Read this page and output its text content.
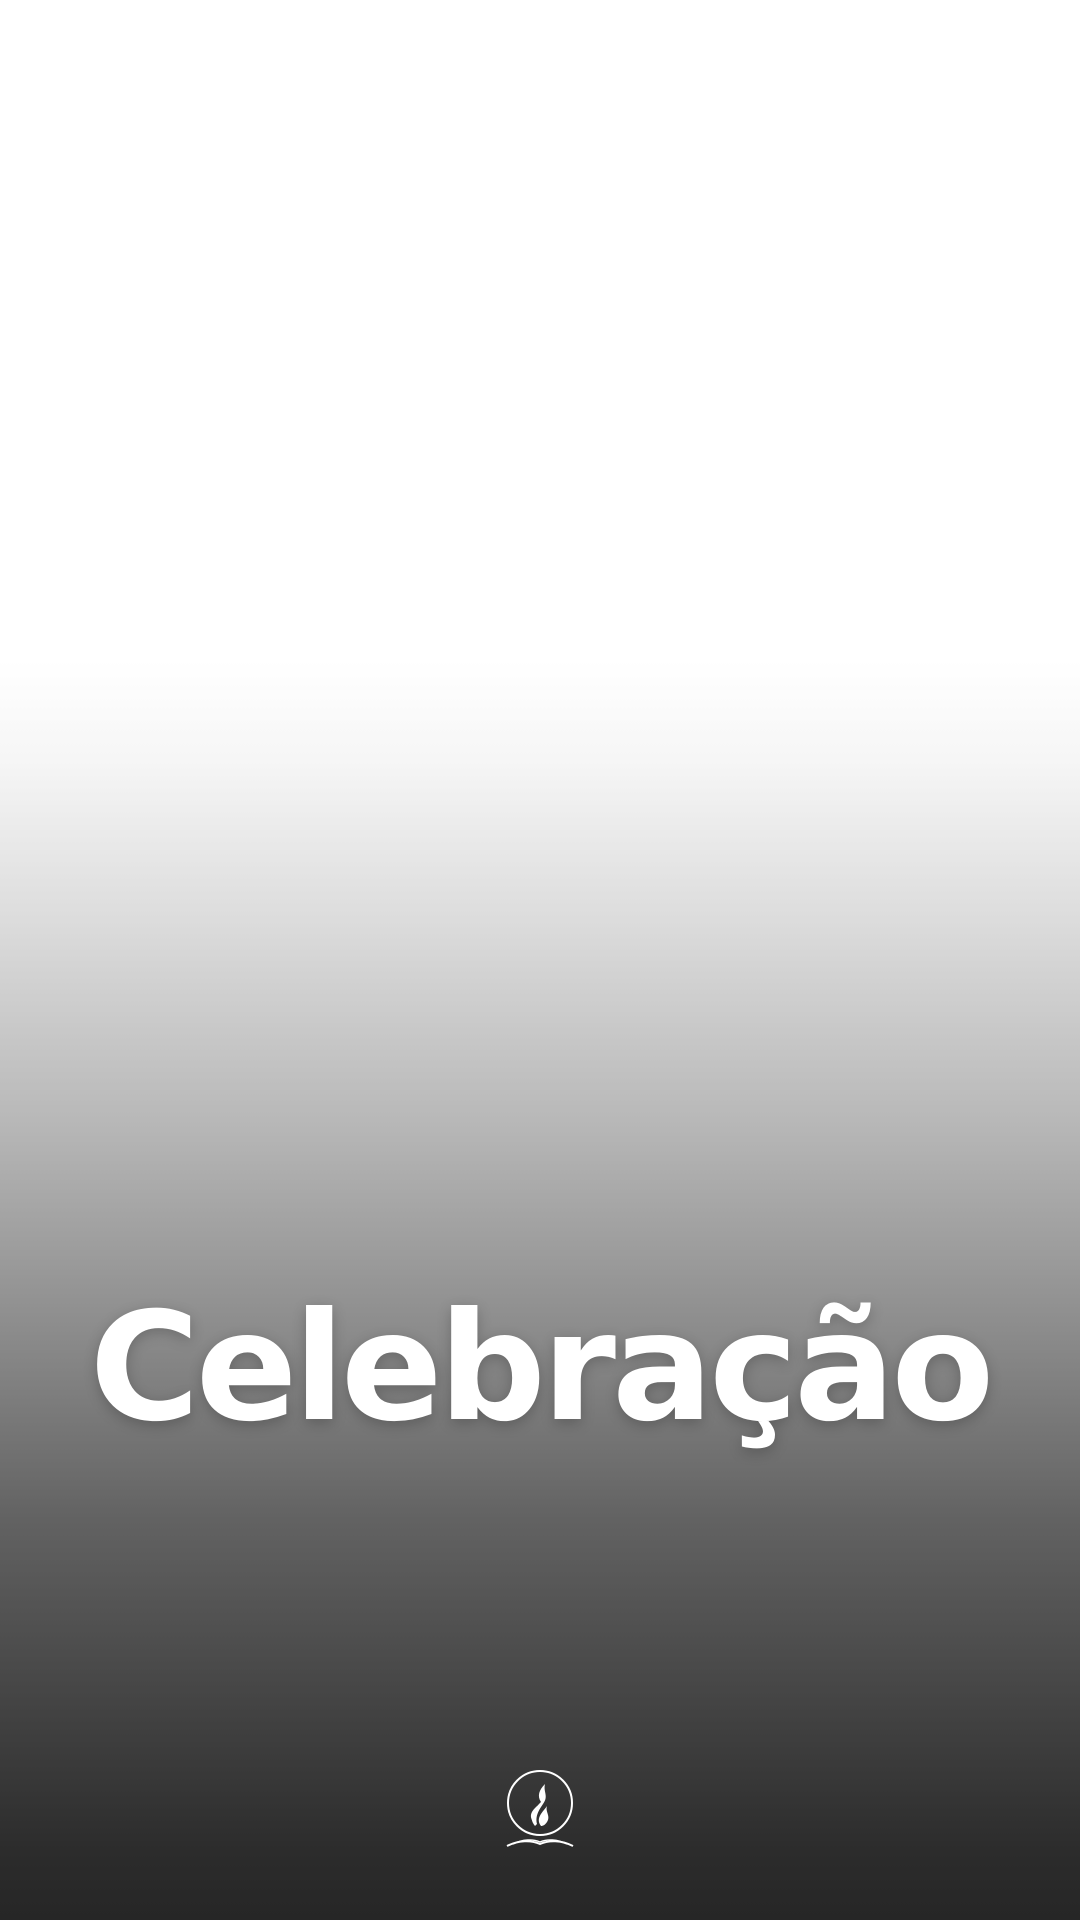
Celebração
